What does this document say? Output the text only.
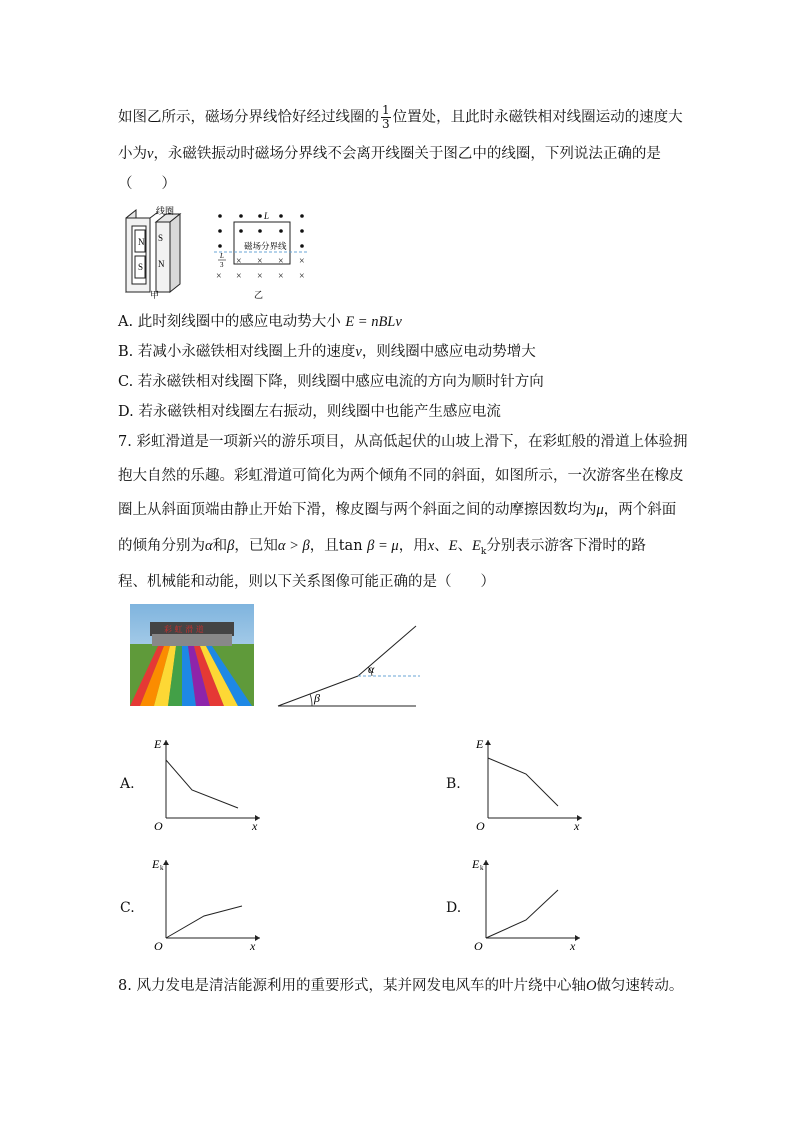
如图乙所示，磁场分界线恰好经过线圈的 $\frac{1}{3}$ 位置处，且此时永磁铁相对线圈运动的速度大
小为v，永磁铁振动时磁场分界线不会离开线圈关于图乙中的线圈，下列说法正确的是
（　　）
N
S
S
N
线圈
甲
× × × ×
× × × × ×
L
磁场分界线
L
3
乙
A. 此时刻线圈中的感应电动势大小 E = nBLv
B. 若减小永磁铁相对线圈上升的速度v，则线圈中感应电动势增大
C. 若永磁铁相对线圈下降，则线圈中感应电流的方向为顺时针方向
D. 若永磁铁相对线圈左右振动，则线圈中也能产生感应电流
7. 彩虹滑道是一项新兴的游乐项目，从高低起伏的山坡上滑下，在彩虹般的滑道上体验拥
抱大自然的乐趣。彩虹滑道可简化为两个倾角不同的斜面，如图所示，一次游客坐在橡皮
圈上从斜面顶端由静止开始下滑，橡皮圈与两个斜面之间的动摩擦因数均为μ，两个斜面
的倾角分别为α和β，已知α > β，且tan β = μ，用x、E、$E_k$分别表示游客下滑时的路
程、机械能和动能，则以下关系图像可能正确的是（　　）
彩 虹 滑 道
β
α
A.
E
O	x
B.
E
O	x
C.
E k
O	x
D.
E k
O	x
8. 风力发电是清洁能源利用的重要形式，某并网发电风车的叶片绕中心轴O做匀速转动。
